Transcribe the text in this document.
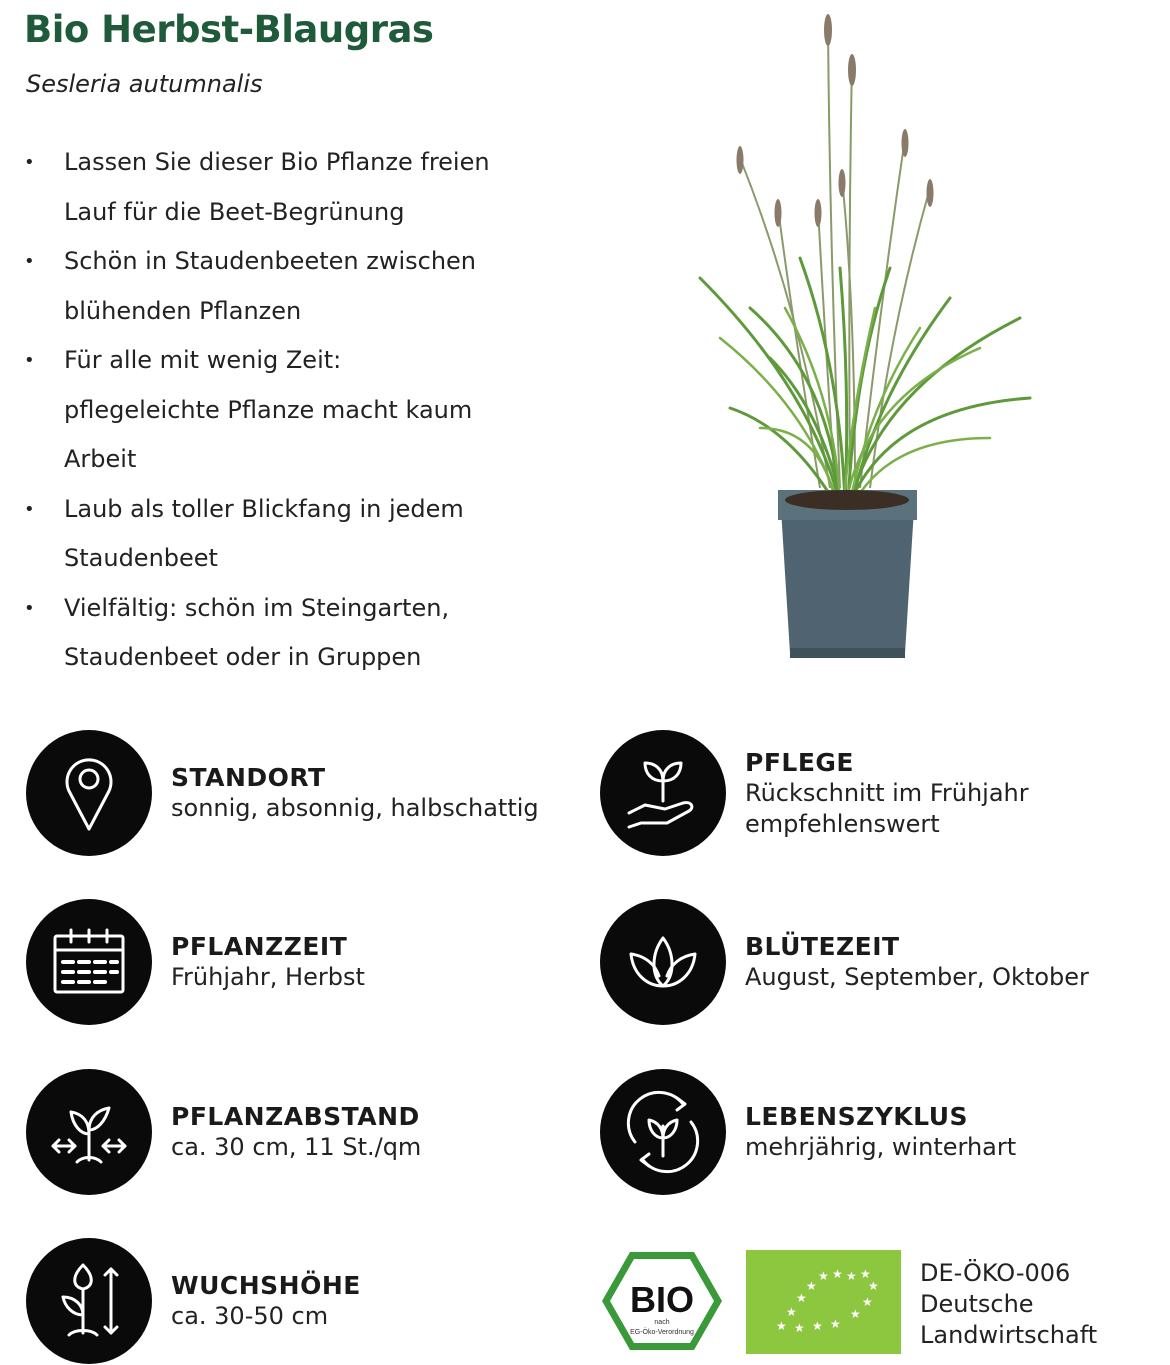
Bio Herbst-Blaugras
Sesleria autumnalis
• Lassen Sie dieser Bio Pflanze freien Lauf für die Beet-Begrünung
• Schön in Staudenbeeten zwischen blühenden Pflanzen
• Für alle mit wenig Zeit: pflegeleichte Pflanze macht kaum Arbeit
• Laub als toller Blickfang in jedem Staudenbeet
• Vielfältig: schön im Steingarten, Staudenbeet oder in Gruppen
STANDORT
sonnig, absonnig, halbschattig
PFLEGE
Rückschnitt im Frühjahr
empfehlenswert
PFLANZZEIT
Frühjahr, Herbst
BLÜTEZEIT
August, September, Oktober
PFLANZABSTAND
ca. 30 cm, 11 St./qm
LEBENSZYKLUS
mehrjährig, winterhart
WUCHSHÖHE
ca. 30-50 cm	BIO
nach
EG-Öko-Verordnung
★ ★ ★ ★
★	★
★	★
★	★
★ ★ ★ ★
DE-ÖKO-006
Deutsche
Landwirtschaft
